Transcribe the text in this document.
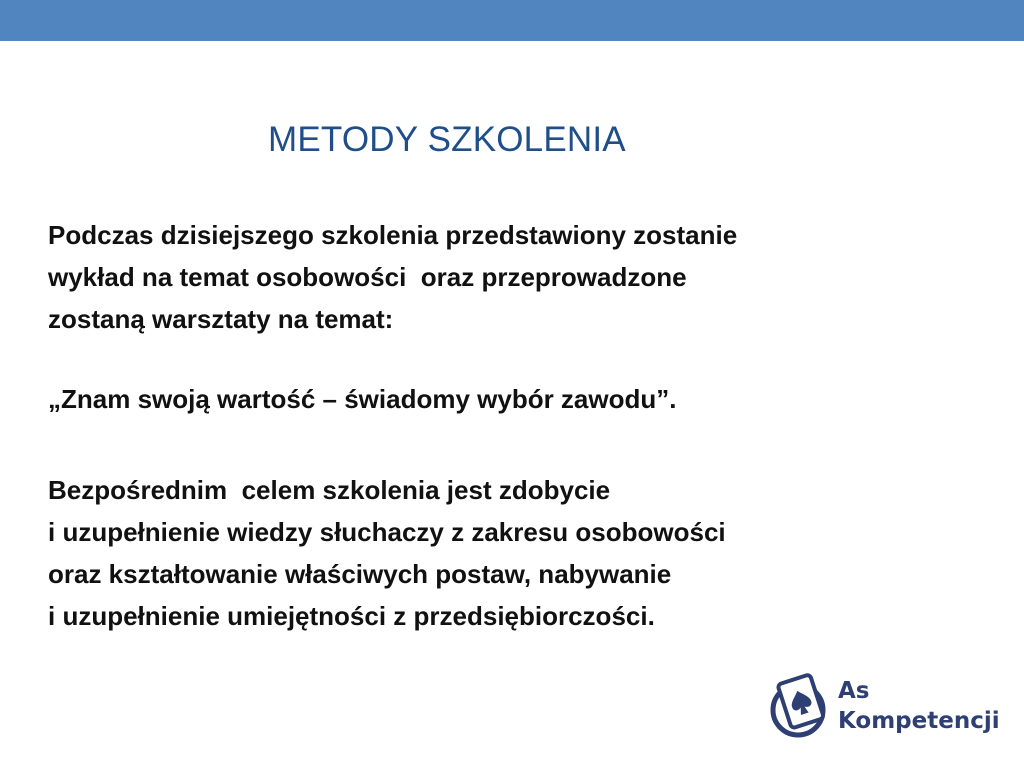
METODY SZKOLENIA
Podczas dzisiejszego szkolenia przedstawiony zostanie
wykład na temat osobowości  oraz przeprowadzone
zostaną warsztaty na temat:
„Znam swoją wartość – świadomy wybór zawodu”.
Bezpośrednim  celem szkolenia jest zdobycie
i uzupełnienie wiedzy słuchaczy z zakresu osobowości
oraz kształtowanie właściwych postaw, nabywanie
i uzupełnienie umiejętności z przedsiębiorczości.
As
Kompetencji
